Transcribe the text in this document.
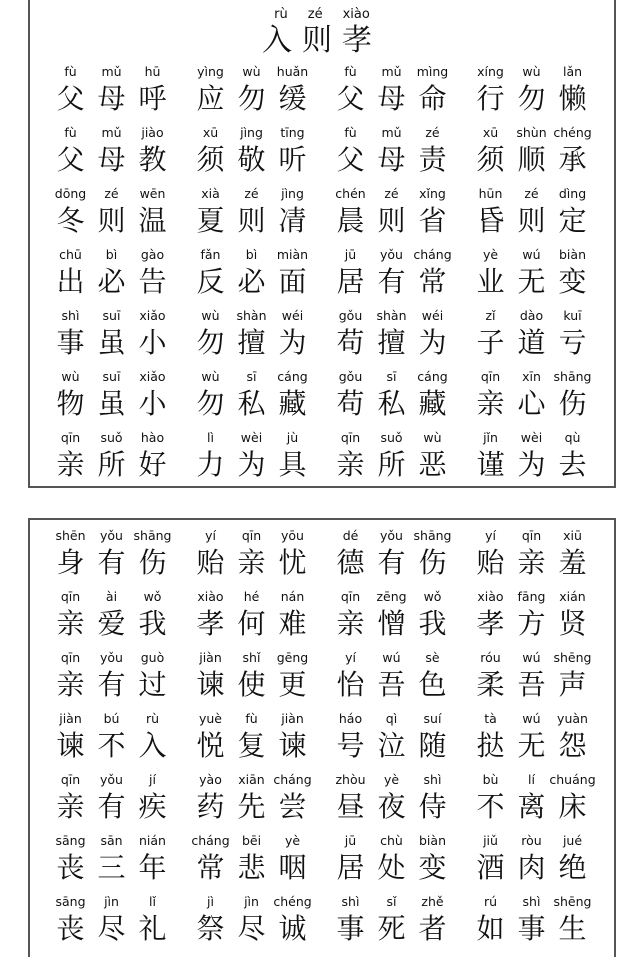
rù zé xiào
入则孝
fù
父
mǔ
母
hū
呼
yìng
应
wù
勿
huǎn
缓
fù
父
mǔ
母
mìng
命
xíng
行
wù
勿
lǎn
懒
fù
父
mǔ
母
jiào
教
xū
须
jìng
敬
tīng
听
fù
父
mǔ
母
zé
责
xū
须
shùn
顺
chéng
承
dōng
冬
zé
则
wēn
温
xià
夏
zé
则
jìng
凊
chén
晨
zé
则
xǐng
省
hūn
昏
zé
则
dìng
定
chū
出
bì
必
gào
告
fǎn
反
bì
必
miàn
面
jū
居
yǒu
有
cháng
常
yè
业
wú
无
biàn
变
shì
事
suī
虽
xiǎo
小
wù
勿
shàn
擅
wéi
为
gǒu
苟
shàn
擅
wéi
为
zǐ
子
dào
道
kuī
亏
wù
物
suī
虽
xiǎo
小
wù
勿
sī
私
cáng
藏
gǒu
苟
sī
私
cáng
藏
qīn
亲
xīn
心
shāng
伤
qīn
亲
suǒ
所
hào
好
lì
力
wèi
为
jù
具
qīn
亲
suǒ
所
wù
恶
jǐn
谨
wèi
为
qù
去
shēn
身
yǒu
有
shāng
伤
yí
贻
qīn
亲
yōu
忧
dé
德
yǒu
有
shāng
伤
yí
贻
qīn
亲
xiū
羞
qīn
亲
ài
爱
wǒ
我
xiào
孝
hé
何
nán
难
qīn
亲
zēng
憎
wǒ
我
xiào
孝
fāng
方
xián
贤
qīn
亲
yǒu
有
guò
过
jiàn
谏
shǐ
使
gēng
更
yí
怡
wú
吾
sè
色
róu
柔
wú
吾
shēng
声
jiàn
谏
bú
不
rù
入
yuè
悦
fù
复
jiàn
谏
háo
号
qì
泣
suí
随
tà
挞
wú
无
yuàn
怨
qīn
亲
yǒu
有
jí
疾
yào
药
xiān
先
cháng
尝
zhòu
昼
yè
夜
shì
侍
bù
不
lí
离
chuáng
床
sāng
丧
sān
三
nián
年
cháng
常
bēi
悲
yè
咽
jū
居
chù
处
biàn
变
jiǔ
酒
ròu
肉
jué
绝
sāng
丧
jìn
尽
lǐ
礼
jì
祭
jìn
尽
chéng
诚
shì
事
sǐ
死
zhě
者
rú
如
shì
事
shēng
生
